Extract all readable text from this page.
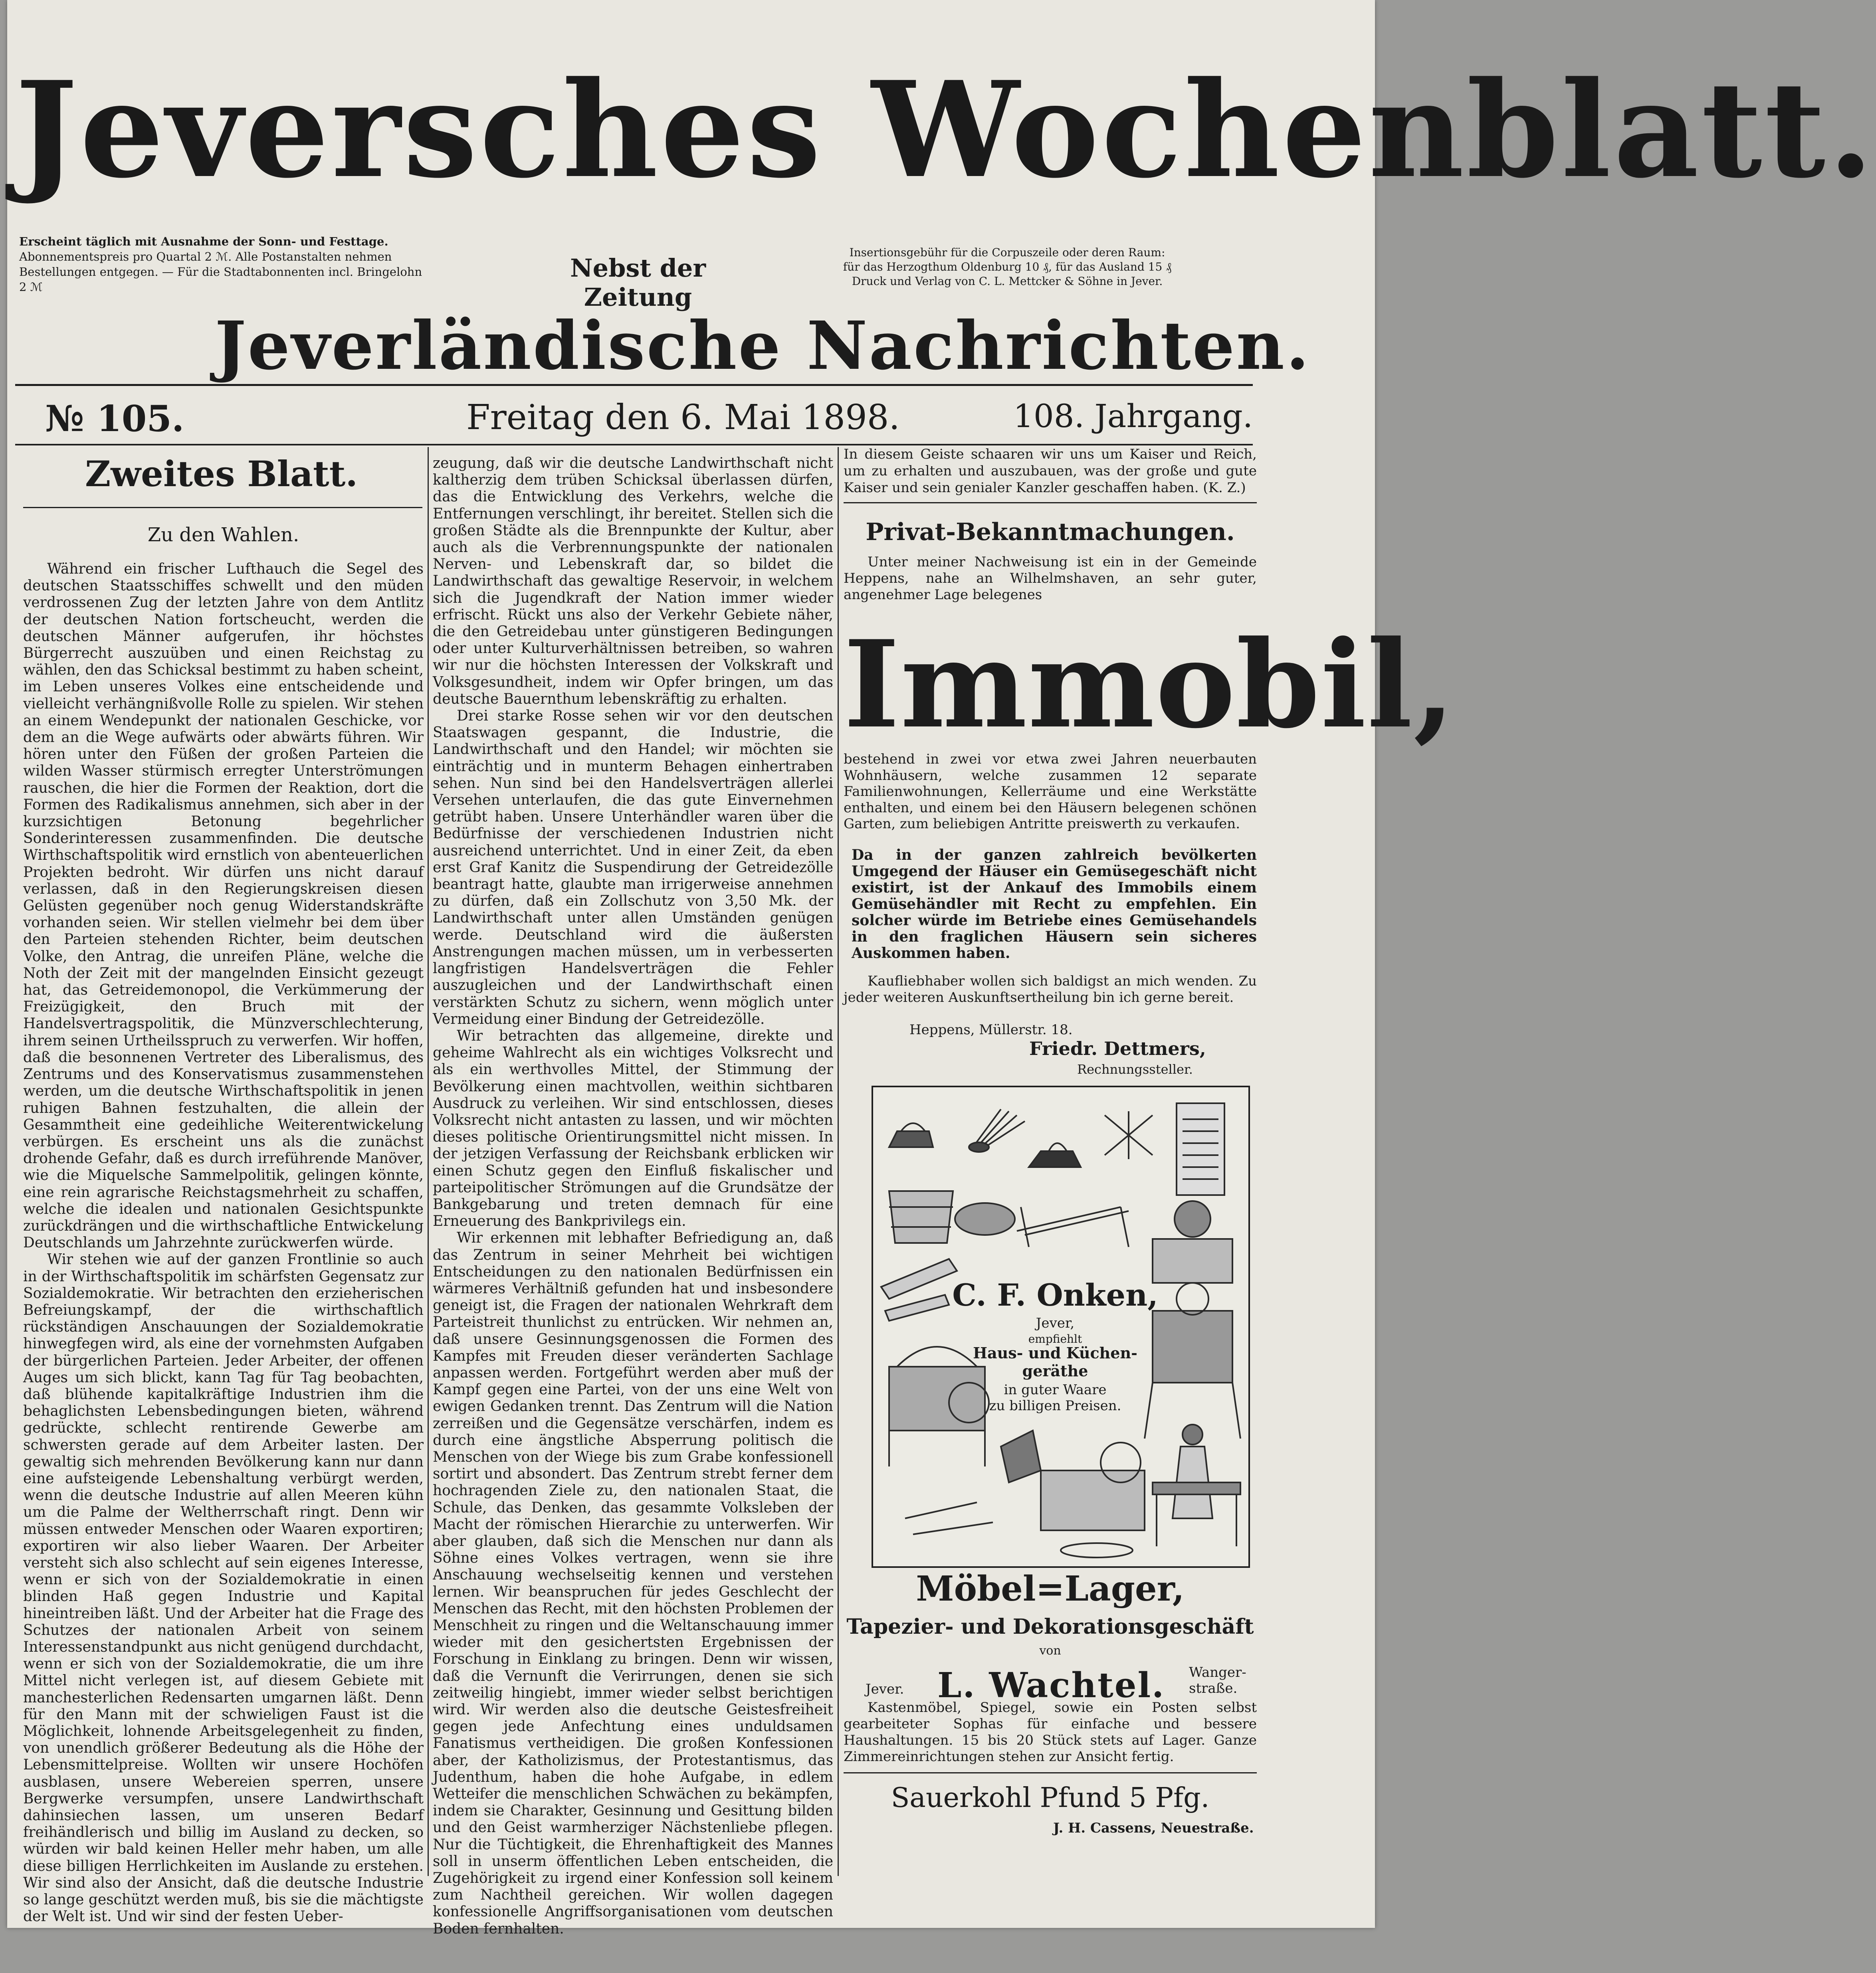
Jeversches Wochenblatt.
Erscheint täglich mit Ausnahme der Sonn- und Festtage.
Abonnementspreis pro Quartal 2 ℳ. Alle Postanstalten nehmen
Bestellungen entgegen. — Für die Stadtabonnenten incl. Bringelohn 2 ℳ
Nebst der Zeitung
Insertionsgebühr für die Corpuszeile oder deren Raum:
für das Herzogthum Oldenburg 10 ₰, für das Ausland 15 ₰
Druck und Verlag von C. L. Mettcker & Söhne in Jever.
Jeverländische Nachrichten.
№ 105.	Freitag den 6. Mai 1898.	108. Jahrgang.
Zweites Blatt.
Zu den Wahlen.

Während ein frischer Lufthauch die Segel des deutschen Staatsschiffes schwellt und den müden verdrossenen Zug der letzten Jahre von dem Antlitz der deutschen Nation fortscheucht, werden die deutschen Männer aufgerufen, ihr höchstes Bürgerrecht auszuüben und einen Reichstag zu wählen, den das Schicksal bestimmt zu haben scheint, im Leben unseres Volkes eine entscheidende und vielleicht verhängnißvolle Rolle zu spielen. Wir stehen an einem Wendepunkt der nationalen Geschicke, vor dem an die Wege aufwärts oder abwärts führen. Wir hören unter den Füßen der großen Parteien die wilden Wasser stürmisch erregter Unterströmungen rauschen, die hier die Formen der Reaktion, dort die Formen des Radikalismus annehmen, sich aber in der kurzsichtigen Betonung begehrlicher Sonderinteressen zusammenfinden. Die deutsche Wirthschaftspolitik wird ernstlich von abenteuerlichen Projekten bedroht. Wir dürfen uns nicht darauf verlassen, daß in den Regierungskreisen diesen Gelüsten gegenüber noch genug Widerstandskräfte vorhanden seien. Wir stellen vielmehr bei dem über den Parteien stehenden Richter, beim deutschen Volke, den Antrag, die unreifen Pläne, welche die Noth der Zeit mit der mangelnden Einsicht gezeugt hat, das Getreidemonopol, die Verkümmerung der Freizügigkeit, den Bruch mit der Handelsvertragspolitik, die Münzverschlechterung, ihrem seinen Urtheilsspruch zu verwerfen. Wir hoffen, daß die besonnenen Vertreter des Liberalismus, des Zentrums und des Konservatismus zusammenstehen werden, um die deutsche Wirthschaftspolitik in jenen ruhigen Bahnen festzuhalten, die allein der Gesammtheit eine gedeihliche Weiterentwickelung verbürgen. Es erscheint uns als die zunächst drohende Gefahr, daß es durch irreführende Manöver, wie die Miquelsche Sammelpolitik, gelingen könnte, eine rein agrarische Reichstagsmehrheit zu schaffen, welche die idealen und nationalen Gesichtspunkte zurückdrängen und die wirthschaftliche Entwickelung Deutschlands um Jahrzehnte zurückwerfen würde.

Wir stehen wie auf der ganzen Frontlinie so auch in der Wirthschaftspolitik im schärfsten Gegensatz zur Sozialdemokratie. Wir betrachten den erzieherischen Befreiungskampf, der die wirthschaftlich rückständigen Anschauungen der Sozialdemokratie hinwegfegen wird, als eine der vornehmsten Aufgaben der bürgerlichen Parteien. Jeder Arbeiter, der offenen Auges um sich blickt, kann Tag für Tag beobachten, daß blühende kapitalkräftige Industrien ihm die behaglichsten Lebensbedingungen bieten, während gedrückte, schlecht rentirende Gewerbe am schwersten gerade auf dem Arbeiter lasten. Der gewaltig sich mehrenden Bevölkerung kann nur dann eine aufsteigende Lebenshaltung verbürgt werden, wenn die deutsche Industrie auf allen Meeren kühn um die Palme der Weltherrschaft ringt. Denn wir müssen entweder Menschen oder Waaren exportiren; exportiren wir also lieber Waaren. Der Arbeiter versteht sich also schlecht auf sein eigenes Interesse, wenn er sich von der Sozialdemokratie in einen blinden Haß gegen Industrie und Kapital hineintreiben läßt. Und der Arbeiter hat die Frage des Schutzes der nationalen Arbeit von seinem Interessenstandpunkt aus nicht genügend durchdacht, wenn er sich von der Sozialdemokratie, die um ihre Mittel nicht verlegen ist, auf diesem Gebiete mit manchesterlichen Redensarten umgarnen läßt. Denn für den Mann mit der schwieligen Faust ist die Möglichkeit, lohnende Arbeitsgelegenheit zu finden, von unendlich größerer Bedeutung als die Höhe der Lebensmittelpreise. Wollten wir unsere Hochöfen ausblasen, unsere Webereien sperren, unsere Bergwerke versumpfen, unsere Landwirthschaft dahinsiechen lassen, um unseren Bedarf freihändlerisch und billig im Ausland zu decken, so würden wir bald keinen Heller mehr haben, um alle diese billigen Herrlichkeiten im Auslande zu erstehen. Wir sind also der Ansicht, daß die deutsche Industrie so lange geschützt werden muß, bis sie die mächtigste der Welt ist. Und wir sind der festen Ueber-

zeugung, daß wir die deutsche Landwirthschaft nicht kaltherzig dem trüben Schicksal überlassen dürfen, das die Entwicklung des Verkehrs, welche die Entfernungen verschlingt, ihr bereitet. Stellen sich die großen Städte als die Brennpunkte der Kultur, aber auch als die Verbrennungspunkte der nationalen Nerven- und Lebenskraft dar, so bildet die Landwirthschaft das gewaltige Reservoir, in welchem sich die Jugendkraft der Nation immer wieder erfrischt. Rückt uns also der Verkehr Gebiete näher, die den Getreidebau unter günstigeren Bedingungen oder unter Kulturverhältnissen betreiben, so wahren wir nur die höchsten Interessen der Volkskraft und Volksgesundheit, indem wir Opfer bringen, um das deutsche Bauernthum lebenskräftig zu erhalten.

Drei starke Rosse sehen wir vor den deutschen Staatswagen gespannt, die Industrie, die Landwirthschaft und den Handel; wir möchten sie einträchtig und in munterm Behagen einhertraben sehen. Nun sind bei den Handelsverträgen allerlei Versehen unterlaufen, die das gute Einvernehmen getrübt haben. Unsere Unterhändler waren über die Bedürfnisse der verschiedenen Industrien nicht ausreichend unterrichtet. Und in einer Zeit, da eben erst Graf Kanitz die Suspendirung der Getreidezölle beantragt hatte, glaubte man irrigerweise annehmen zu dürfen, daß ein Zollschutz von 3,50 Mk. der Landwirthschaft unter allen Umständen genügen werde. Deutschland wird die äußersten Anstrengungen machen müssen, um in verbesserten langfristigen Handelsverträgen die Fehler auszugleichen und der Landwirthschaft einen verstärkten Schutz zu sichern, wenn möglich unter Vermeidung einer Bindung der Getreidezölle.

Wir betrachten das allgemeine, direkte und geheime Wahlrecht als ein wichtiges Volksrecht und als ein werthvolles Mittel, der Stimmung der Bevölkerung einen machtvollen, weithin sichtbaren Ausdruck zu verleihen. Wir sind entschlossen, dieses Volksrecht nicht antasten zu lassen, und wir möchten dieses politische Orientirungsmittel nicht missen. In der jetzigen Verfassung der Reichsbank erblicken wir einen Schutz gegen den Einfluß fiskalischer und parteipolitischer Strömungen auf die Grundsätze der Bankgebarung und treten demnach für eine Erneuerung des Bankprivilegs ein.

Wir erkennen mit lebhafter Befriedigung an, daß das Zentrum in seiner Mehrheit bei wichtigen Entscheidungen zu den nationalen Bedürfnissen ein wärmeres Verhältniß gefunden hat und insbesondere geneigt ist, die Fragen der nationalen Wehrkraft dem Parteistreit thunlichst zu entrücken. Wir nehmen an, daß unsere Gesinnungsgenossen die Formen des Kampfes mit Freuden dieser veränderten Sachlage anpassen werden. Fortgeführt werden aber muß der Kampf gegen eine Partei, von der uns eine Welt von ewigen Gedanken trennt. Das Zentrum will die Nation zerreißen und die Gegensätze verschärfen, indem es durch eine ängstliche Absperrung politisch die Menschen von der Wiege bis zum Grabe konfessionell sortirt und absondert. Das Zentrum strebt ferner dem hochragenden Ziele zu, den nationalen Staat, die Schule, das Denken, das gesammte Volksleben der Macht der römischen Hierarchie zu unterwerfen. Wir aber glauben, daß sich die Menschen nur dann als Söhne eines Volkes vertragen, wenn sie ihre Anschauung wechselseitig kennen und verstehen lernen. Wir beanspruchen für jedes Geschlecht der Menschen das Recht, mit den höchsten Problemen der Menschheit zu ringen und die Weltanschauung immer wieder mit den gesichertsten Ergebnissen der Forschung in Einklang zu bringen. Denn wir wissen, daß die Vernunft die Verirrungen, denen sie sich zeitweilig hingiebt, immer wieder selbst berichtigen wird. Wir werden also die deutsche Geistesfreiheit gegen jede Anfechtung eines unduldsamen Fanatismus vertheidigen. Die großen Konfessionen aber, der Katholizismus, der Protestantismus, das Judenthum, haben die hohe Aufgabe, in edlem Wetteifer die menschlichen Schwächen zu bekämpfen, indem sie Charakter, Gesinnung und Gesittung bilden und den Geist warmherziger Nächstenliebe pflegen. Nur die Tüchtigkeit, die Ehrenhaftigkeit des Mannes soll in unserm öffentlichen Leben entscheiden, die Zugehörigkeit zu irgend einer Konfession soll keinem zum Nachtheil gereichen. Wir wollen dagegen konfessionelle Angriffsorganisationen vom deutschen Boden fernhalten.

In diesem Geiste schaaren wir uns um Kaiser und Reich, um zu erhalten und auszubauen, was der große und gute Kaiser und sein genialer Kanzler geschaffen haben. (K. Z.)
Privat-Bekanntmachungen.
Unter meiner Nachweisung ist ein in der Gemeinde Heppens, nahe an Wilhelmshaven, an sehr guter, angenehmer Lage belegenes
Immobil,
bestehend in zwei vor etwa zwei Jahren neuerbauten Wohnhäusern, welche zusammen 12 separate Familienwohnungen, Kellerräume und eine Werkstätte enthalten, und einem bei den Häusern belegenen schönen Garten, zum beliebigen Antritte preiswerth zu verkaufen.
Da in der ganzen zahlreich bevölkerten Umgegend der Häuser ein Gemüsegeschäft nicht existirt, ist der Ankauf des Immobils einem Gemüsehändler mit Recht zu empfehlen. Ein solcher würde im Betriebe eines Gemüsehandels in den fraglichen Häusern sein sicheres Auskommen haben.
Kaufliebhaber wollen sich baldigst an mich wenden. Zu jeder weiteren Auskunftsertheilung bin ich gerne bereit.
Heppens, Müllerstr. 18.
Friedr. Dettmers,
Rechnungssteller.
C. F. Onken,
Jever,
empfiehlt
Haus- und Küchen-
geräthe
in guter Waare
zu billigen Preisen.
Möbel=Lager,
Tapezier- und Dekorationsgeschäft
von
Jever. L. Wachtel. Wanger-
straße.
Kastenmöbel, Spiegel, sowie ein Posten selbst gearbeiteter Sophas für einfache und bessere Haushaltungen. 15 bis 20 Stück stets auf Lager. Ganze Zimmereinrichtungen stehen zur Ansicht fertig.
Sauerkohl Pfund 5 Pfg.
J. H. Cassens, Neuestraße.
